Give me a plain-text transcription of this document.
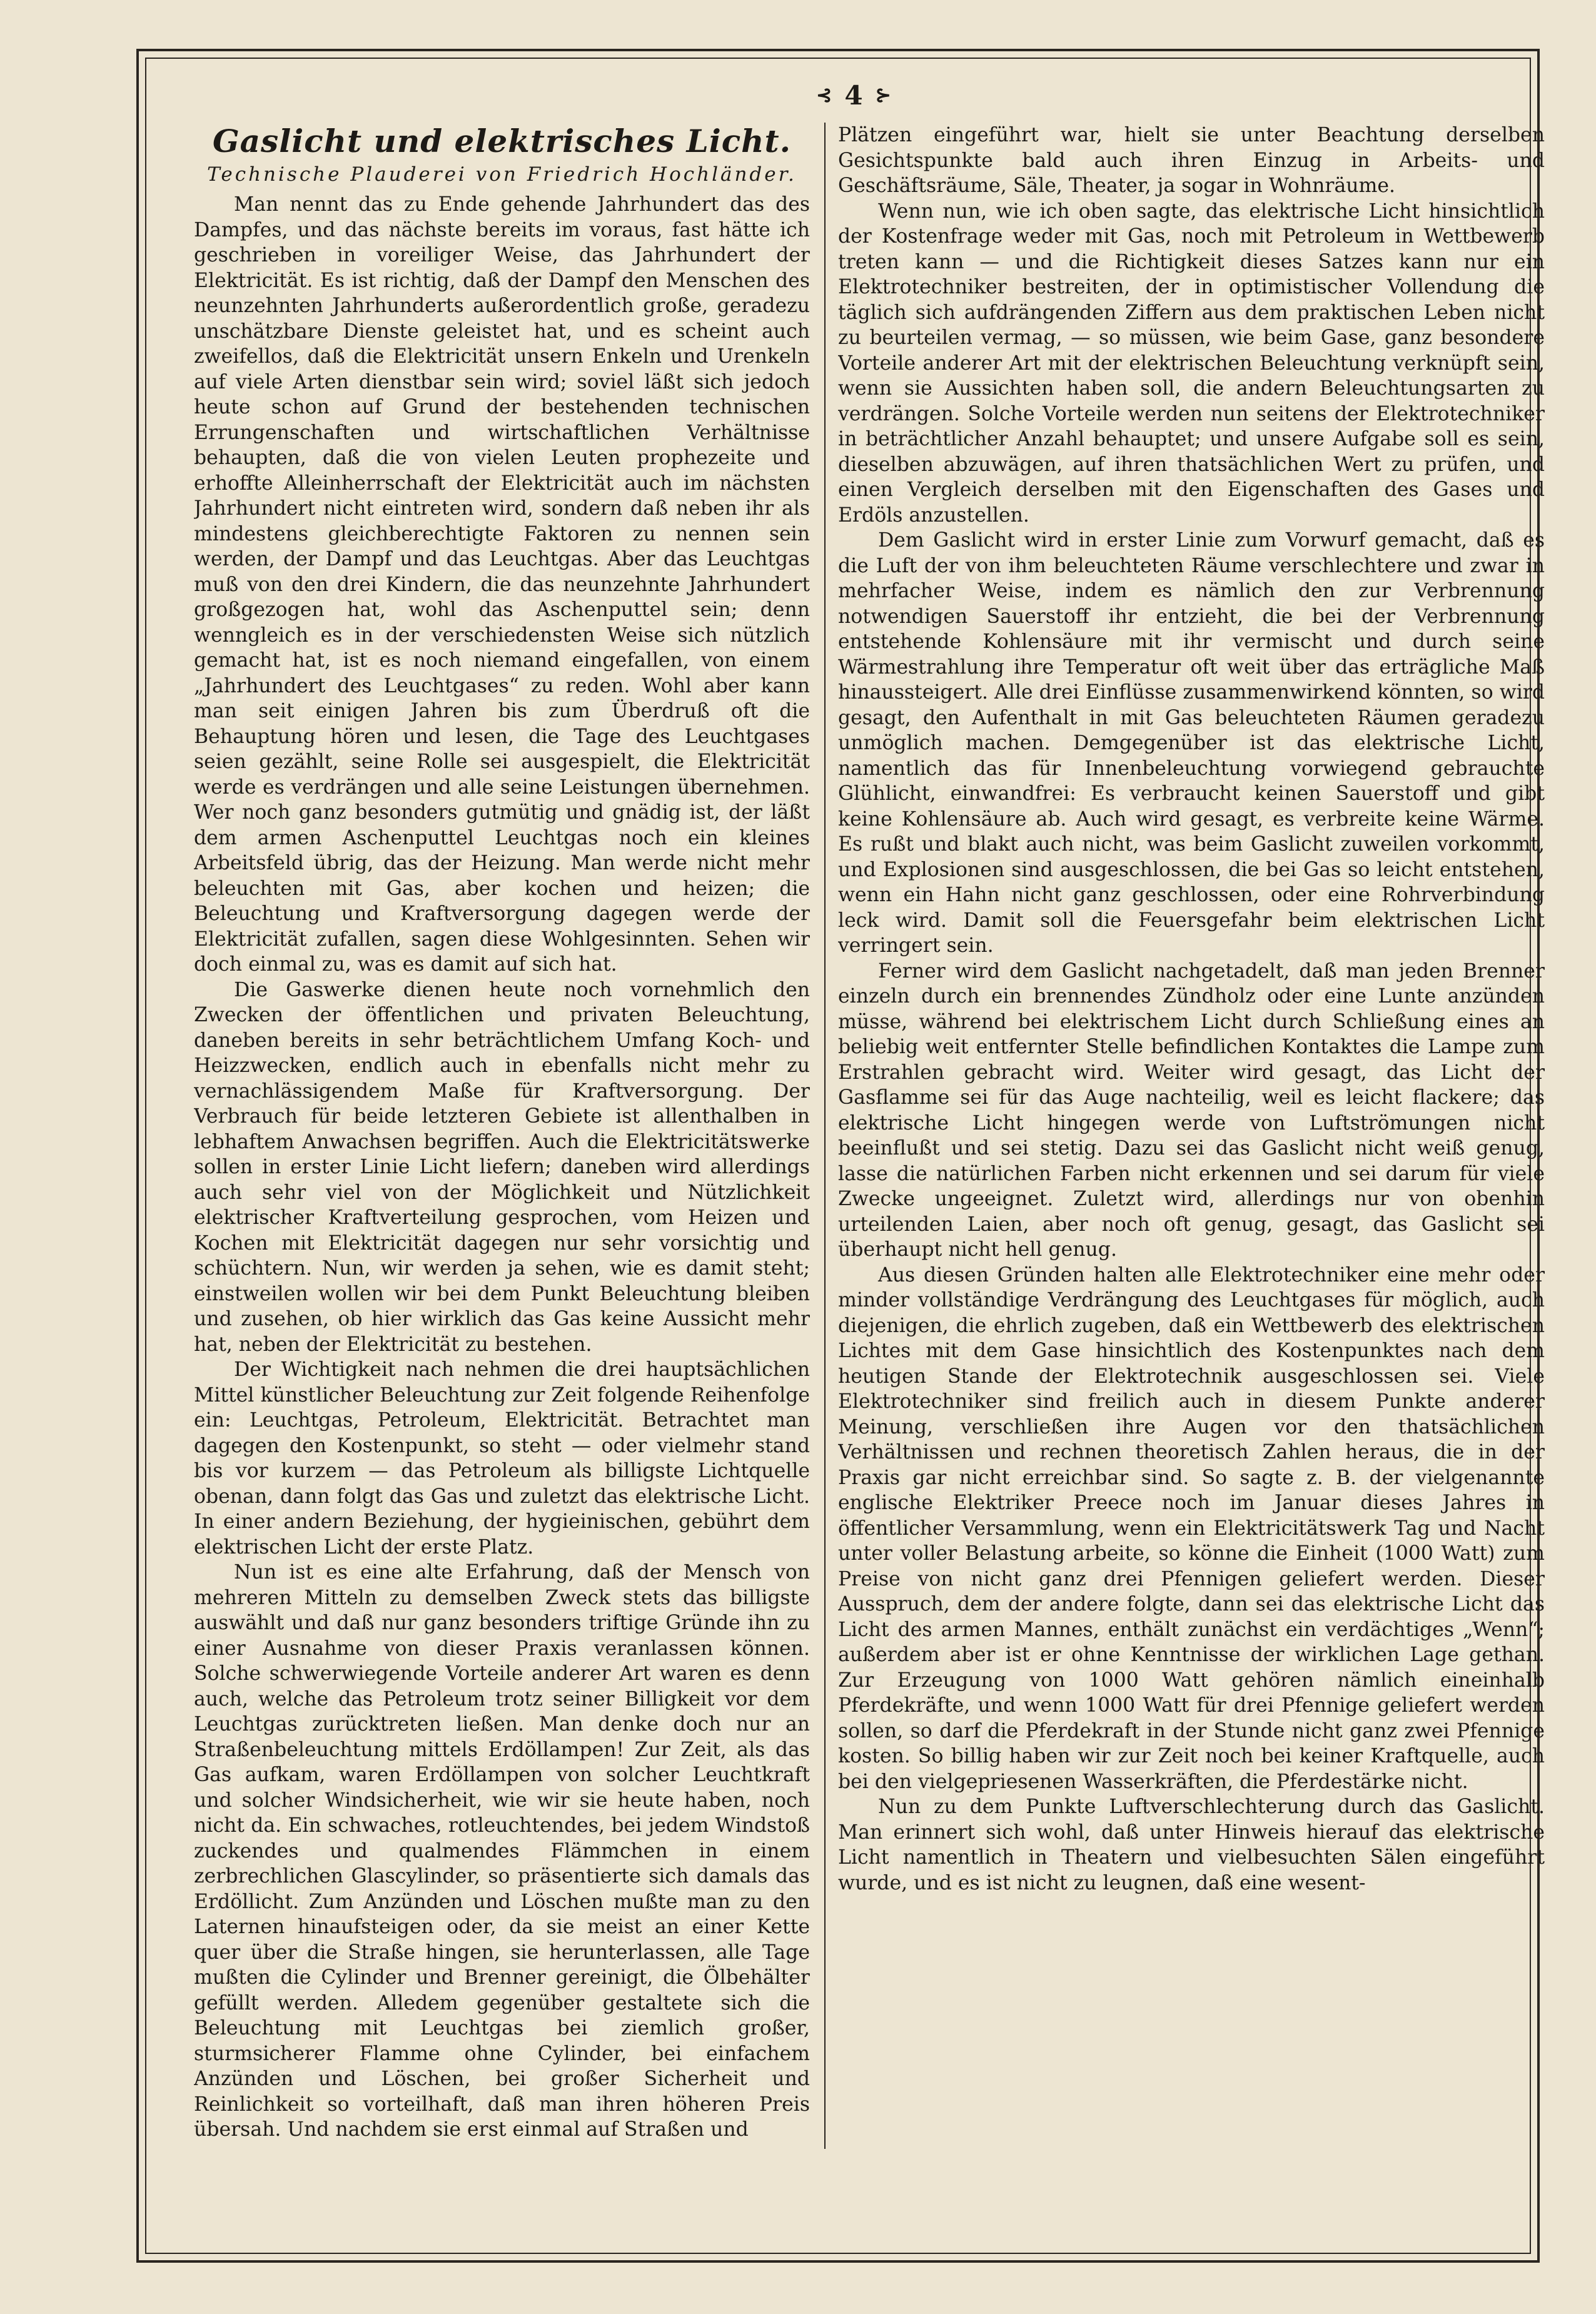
⊰ 4 ⊱
Gaslicht und elektrisches Licht.
Technische Plauderei von Friedrich Hochländer.

Man nennt das zu Ende gehende Jahrhundert das des Dampfes, und das nächste bereits im voraus, fast hätte ich geschrieben in voreiliger Weise, das Jahrhundert der Elektricität. Es ist richtig, daß der Dampf den Menschen des neunzehnten Jahrhunderts außerordentlich große, geradezu unschätzbare Dienste geleistet hat, und es scheint auch zweifellos, daß die Elektricität unsern Enkeln und Urenkeln auf viele Arten dienstbar sein wird; soviel läßt sich jedoch heute schon auf Grund der bestehenden technischen Errungenschaften und wirtschaftlichen Verhältnisse behaupten, daß die von vielen Leuten prophezeite und erhoffte Alleinherrschaft der Elektricität auch im nächsten Jahrhundert nicht eintreten wird, sondern daß neben ihr als mindestens gleichberechtigte Faktoren zu nennen sein werden, der Dampf und das Leuchtgas. Aber das Leuchtgas muß von den drei Kindern, die das neunzehnte Jahrhundert großgezogen hat, wohl das Aschenputtel sein; denn wenngleich es in der verschiedensten Weise sich nützlich gemacht hat, ist es noch niemand eingefallen, von einem „Jahrhundert des Leuchtgases“ zu reden. Wohl aber kann man seit einigen Jahren bis zum Überdruß oft die Behauptung hören und lesen, die Tage des Leuchtgases seien gezählt, seine Rolle sei ausgespielt, die Elektricität werde es verdrängen und alle seine Leistungen übernehmen. Wer noch ganz besonders gutmütig und gnädig ist, der läßt dem armen Aschenputtel Leuchtgas noch ein kleines Arbeitsfeld übrig, das der Heizung. Man werde nicht mehr beleuchten mit Gas, aber kochen und heizen; die Beleuchtung und Kraftversorgung dagegen werde der Elektricität zufallen, sagen diese Wohlgesinnten. Sehen wir doch einmal zu, was es damit auf sich hat.

Die Gaswerke dienen heute noch vornehmlich den Zwecken der öffentlichen und privaten Beleuchtung, daneben bereits in sehr beträchtlichem Umfang Koch- und Heizzwecken, endlich auch in ebenfalls nicht mehr zu vernachlässigendem Maße für Kraftversorgung. Der Verbrauch für beide letzteren Gebiete ist allenthalben in lebhaftem Anwachsen begriffen. Auch die Elektricitätswerke sollen in erster Linie Licht liefern; daneben wird allerdings auch sehr viel von der Möglichkeit und Nützlichkeit elektrischer Kraftverteilung gesprochen, vom Heizen und Kochen mit Elektricität dagegen nur sehr vorsichtig und schüchtern. Nun, wir werden ja sehen, wie es damit steht; einstweilen wollen wir bei dem Punkt Beleuchtung bleiben und zusehen, ob hier wirklich das Gas keine Aussicht mehr hat, neben der Elektricität zu bestehen.

Der Wichtigkeit nach nehmen die drei hauptsächlichen Mittel künstlicher Beleuchtung zur Zeit folgende Reihenfolge ein: Leuchtgas, Petroleum, Elektricität. Betrachtet man dagegen den Kostenpunkt, so steht — oder vielmehr stand bis vor kurzem — das Petroleum als billigste Lichtquelle obenan, dann folgt das Gas und zuletzt das elektrische Licht. In einer andern Beziehung, der hygieinischen, gebührt dem elektrischen Licht der erste Platz.

Nun ist es eine alte Erfahrung, daß der Mensch von mehreren Mitteln zu demselben Zweck stets das billigste auswählt und daß nur ganz besonders triftige Gründe ihn zu einer Ausnahme von dieser Praxis veranlassen können. Solche schwerwiegende Vorteile anderer Art waren es denn auch, welche das Petroleum trotz seiner Billigkeit vor dem Leuchtgas zurücktreten ließen. Man denke doch nur an Straßenbeleuchtung mittels Erdöllampen! Zur Zeit, als das Gas aufkam, waren Erdöllampen von solcher Leuchtkraft und solcher Windsicherheit, wie wir sie heute haben, noch nicht da. Ein schwaches, rotleuchtendes, bei jedem Windstoß zuckendes und qualmendes Flämmchen in einem zerbrechlichen Glascylinder, so präsentierte sich damals das Erdöllicht. Zum Anzünden und Löschen mußte man zu den Laternen hinaufsteigen oder, da sie meist an einer Kette quer über die Straße hingen, sie herunterlassen, alle Tage mußten die Cylinder und Brenner gereinigt, die Ölbehälter gefüllt werden. Alledem gegenüber gestaltete sich die Beleuchtung mit Leuchtgas bei ziemlich großer, sturmsicherer Flamme ohne Cylinder, bei einfachem Anzünden und Löschen, bei großer Sicherheit und Reinlichkeit so vorteilhaft, daß man ihren höheren Preis übersah. Und nachdem sie erst einmal auf Straßen und

Plätzen eingeführt war, hielt sie unter Beachtung derselben Gesichtspunkte bald auch ihren Einzug in Arbeits- und Geschäftsräume, Säle, Theater, ja sogar in Wohnräume.

Wenn nun, wie ich oben sagte, das elektrische Licht hinsichtlich der Kostenfrage weder mit Gas, noch mit Petroleum in Wettbewerb treten kann — und die Richtigkeit dieses Satzes kann nur ein Elektrotechniker bestreiten, der in optimistischer Vollendung die täglich sich aufdrängenden Ziffern aus dem praktischen Leben nicht zu beurteilen vermag, — so müssen, wie beim Gase, ganz besondere Vorteile anderer Art mit der elektrischen Beleuchtung verknüpft sein, wenn sie Aussichten haben soll, die andern Beleuchtungsarten zu verdrängen. Solche Vorteile werden nun seitens der Elektrotechniker in beträchtlicher Anzahl behauptet; und unsere Aufgabe soll es sein, dieselben abzuwägen, auf ihren thatsächlichen Wert zu prüfen, und einen Vergleich derselben mit den Eigenschaften des Gases und Erdöls anzustellen.

Dem Gaslicht wird in erster Linie zum Vorwurf gemacht, daß es die Luft der von ihm beleuchteten Räume verschlechtere und zwar in mehrfacher Weise, indem es nämlich den zur Verbrennung notwendigen Sauerstoff ihr entzieht, die bei der Verbrennung entstehende Kohlensäure mit ihr vermischt und durch seine Wärmestrahlung ihre Temperatur oft weit über das erträgliche Maß hinaussteigert. Alle drei Einflüsse zusammenwirkend könnten, so wird gesagt, den Aufenthalt in mit Gas beleuchteten Räumen geradezu unmöglich machen. Demgegenüber ist das elektrische Licht, namentlich das für Innenbeleuchtung vorwiegend gebrauchte Glühlicht, einwandfrei: Es verbraucht keinen Sauerstoff und gibt keine Kohlensäure ab. Auch wird gesagt, es verbreite keine Wärme. Es rußt und blakt auch nicht, was beim Gaslicht zuweilen vorkommt, und Explosionen sind ausgeschlossen, die bei Gas so leicht entstehen, wenn ein Hahn nicht ganz geschlossen, oder eine Rohrverbindung leck wird. Damit soll die Feuersgefahr beim elektrischen Licht verringert sein.

Ferner wird dem Gaslicht nachgetadelt, daß man jeden Brenner einzeln durch ein brennendes Zündholz oder eine Lunte anzünden müsse, während bei elektrischem Licht durch Schließung eines an beliebig weit entfernter Stelle befindlichen Kontaktes die Lampe zum Erstrahlen gebracht wird. Weiter wird gesagt, das Licht der Gasflamme sei für das Auge nachteilig, weil es leicht flackere; das elektrische Licht hingegen werde von Luftströmungen nicht beeinflußt und sei stetig. Dazu sei das Gaslicht nicht weiß genug, lasse die natürlichen Farben nicht erkennen und sei darum für viele Zwecke ungeeignet. Zuletzt wird, allerdings nur von obenhin urteilenden Laien, aber noch oft genug, gesagt, das Gaslicht sei überhaupt nicht hell genug.

Aus diesen Gründen halten alle Elektrotechniker eine mehr oder minder vollständige Verdrängung des Leuchtgases für möglich, auch diejenigen, die ehrlich zugeben, daß ein Wettbewerb des elektrischen Lichtes mit dem Gase hinsichtlich des Kostenpunktes nach dem heutigen Stande der Elektrotechnik ausgeschlossen sei. Viele Elektrotechniker sind freilich auch in diesem Punkte anderer Meinung, verschließen ihre Augen vor den thatsächlichen Verhältnissen und rechnen theoretisch Zahlen heraus, die in der Praxis gar nicht erreichbar sind. So sagte z. B. der vielgenannte englische Elektriker Preece noch im Januar dieses Jahres in öffentlicher Versammlung, wenn ein Elektricitätswerk Tag und Nacht unter voller Belastung arbeite, so könne die Einheit (1000 Watt) zum Preise von nicht ganz drei Pfennigen geliefert werden. Dieser Ausspruch, dem der andere folgte, dann sei das elektrische Licht das Licht des armen Mannes, enthält zunächst ein verdächtiges „Wenn“; außerdem aber ist er ohne Kenntnisse der wirklichen Lage gethan. Zur Erzeugung von 1000 Watt gehören nämlich eineinhalb Pferdekräfte, und wenn 1000 Watt für drei Pfennige geliefert werden sollen, so darf die Pferdekraft in der Stunde nicht ganz zwei Pfennige kosten. So billig haben wir zur Zeit noch bei keiner Kraftquelle, auch bei den vielgepriesenen Wasserkräften, die Pferdestärke nicht.

Nun zu dem Punkte Luftverschlechterung durch das Gaslicht. Man erinnert sich wohl, daß unter Hinweis hierauf das elektrische Licht namentlich in Theatern und vielbesuchten Sälen eingeführt wurde, und es ist nicht zu leugnen, daß eine wesent-
